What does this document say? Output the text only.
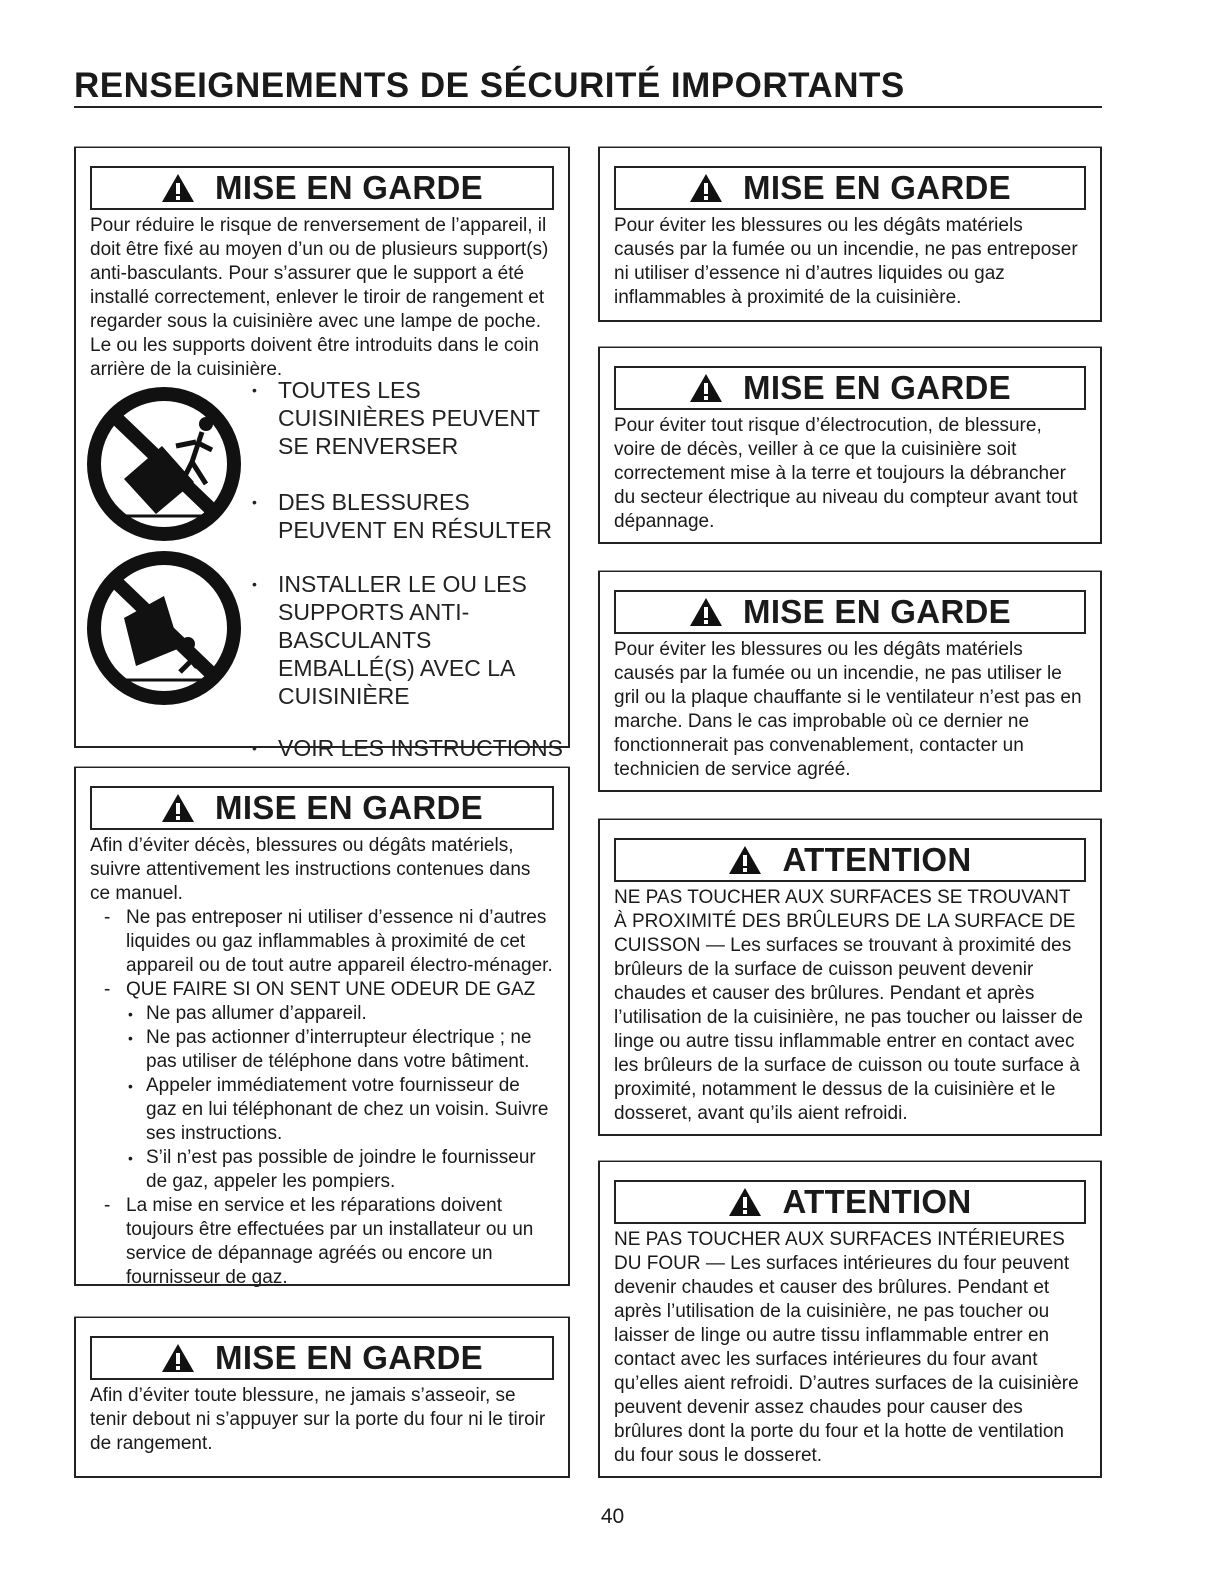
RENSEIGNEMENTS DE SÉCURITÉ IMPORTANTS
MISE EN GARDE

Pour réduire le risque de renversement de l’appareil, il doit être fixé au moyen d’un ou de plusieurs support(s) anti-basculants. Pour s’assurer que le support a été installé correctement, enlever le tiroir de rangement et regarder sous la cuisinière avec une lampe de poche. Le ou les supports doivent être introduits dans le coin arrière de la cuisinière.

• TOUTES LES CUISINIÈRES PEUVENT SE RENVERSER
• DES BLESSURES PEUVENT EN RÉSULTER
• INSTALLER LE OU LES SUPPORTS ANTI-BASCULANTS EMBALLÉ(S) AVEC LA CUISINIÈRE
• VOIR LES INSTRUCTIONS
MISE EN GARDE

Afin d’éviter décès, blessures ou dégâts matériels, suivre attentivement les instructions contenues dans ce manuel.

- Ne pas entreposer ni utiliser d’essence ni d’autres liquides ou gaz inflammables à proximité de cet appareil ou de tout autre appareil électro-ménager.
- QUE FAIRE SI ON SENT UNE ODEUR DE GAZ
• Ne pas allumer d’appareil.
• Ne pas actionner d’interrupteur électrique ; ne pas utiliser de téléphone dans votre bâtiment.
• Appeler immédiatement votre fournisseur de gaz en lui téléphonant de chez un voisin. Suivre ses instructions.
• S’il n’est pas possible de joindre le fournisseur de gaz, appeler les pompiers.
- La mise en service et les réparations doivent toujours être effectuées par un installateur ou un service de dépannage agréés ou encore un fournisseur de gaz.
MISE EN GARDE

Afin d’éviter toute blessure, ne jamais s’asseoir, se tenir debout ni s’appuyer sur la porte du four ni le tiroir de rangement.

MISE EN GARDE

Pour éviter les blessures ou les dégâts matériels causés par la fumée ou un incendie, ne pas entreposer ni utiliser d’essence ni d’autres liquides ou gaz inflammables à proximité de la cuisinière.

MISE EN GARDE

Pour éviter tout risque d’électrocution, de blessure, voire de décès, veiller à ce que la cuisinière soit correctement mise à la terre et toujours la débrancher du secteur électrique au niveau du compteur avant tout dépannage.

MISE EN GARDE

Pour éviter les blessures ou les dégâts matériels causés par la fumée ou un incendie, ne pas utiliser le gril ou la plaque chauffante si le ventilateur n’est pas en marche. Dans le cas improbable où ce dernier ne fonctionnerait pas convenablement, contacter un technicien de service agréé.

ATTENTION

NE PAS TOUCHER AUX SURFACES SE TROUVANT À PROXIMITÉ DES BRÛLEURS DE LA SURFACE DE CUISSON — Les surfaces se trouvant à proximité des brûleurs de la surface de cuisson peuvent devenir chaudes et causer des brûlures. Pendant et après l’utilisation de la cuisinière, ne pas toucher ou laisser de linge ou autre tissu inflammable entrer en contact avec les brûleurs de la surface de cuisson ou toute surface à proximité, notamment le dessus de la cuisinière et le dosseret, avant qu’ils aient refroidi.

ATTENTION

NE PAS TOUCHER AUX SURFACES INTÉRIEURES DU FOUR — Les surfaces intérieures du four peuvent devenir chaudes et causer des brûlures. Pendant et après l’utilisation de la cuisinière, ne pas toucher ou laisser de linge ou autre tissu inflammable entrer en contact avec les surfaces intérieures du four avant qu’elles aient refroidi. D’autres surfaces de la cuisinière peuvent devenir assez chaudes pour causer des brûlures dont la porte du four et la hotte de ventilation du four sous le dosseret.

40
